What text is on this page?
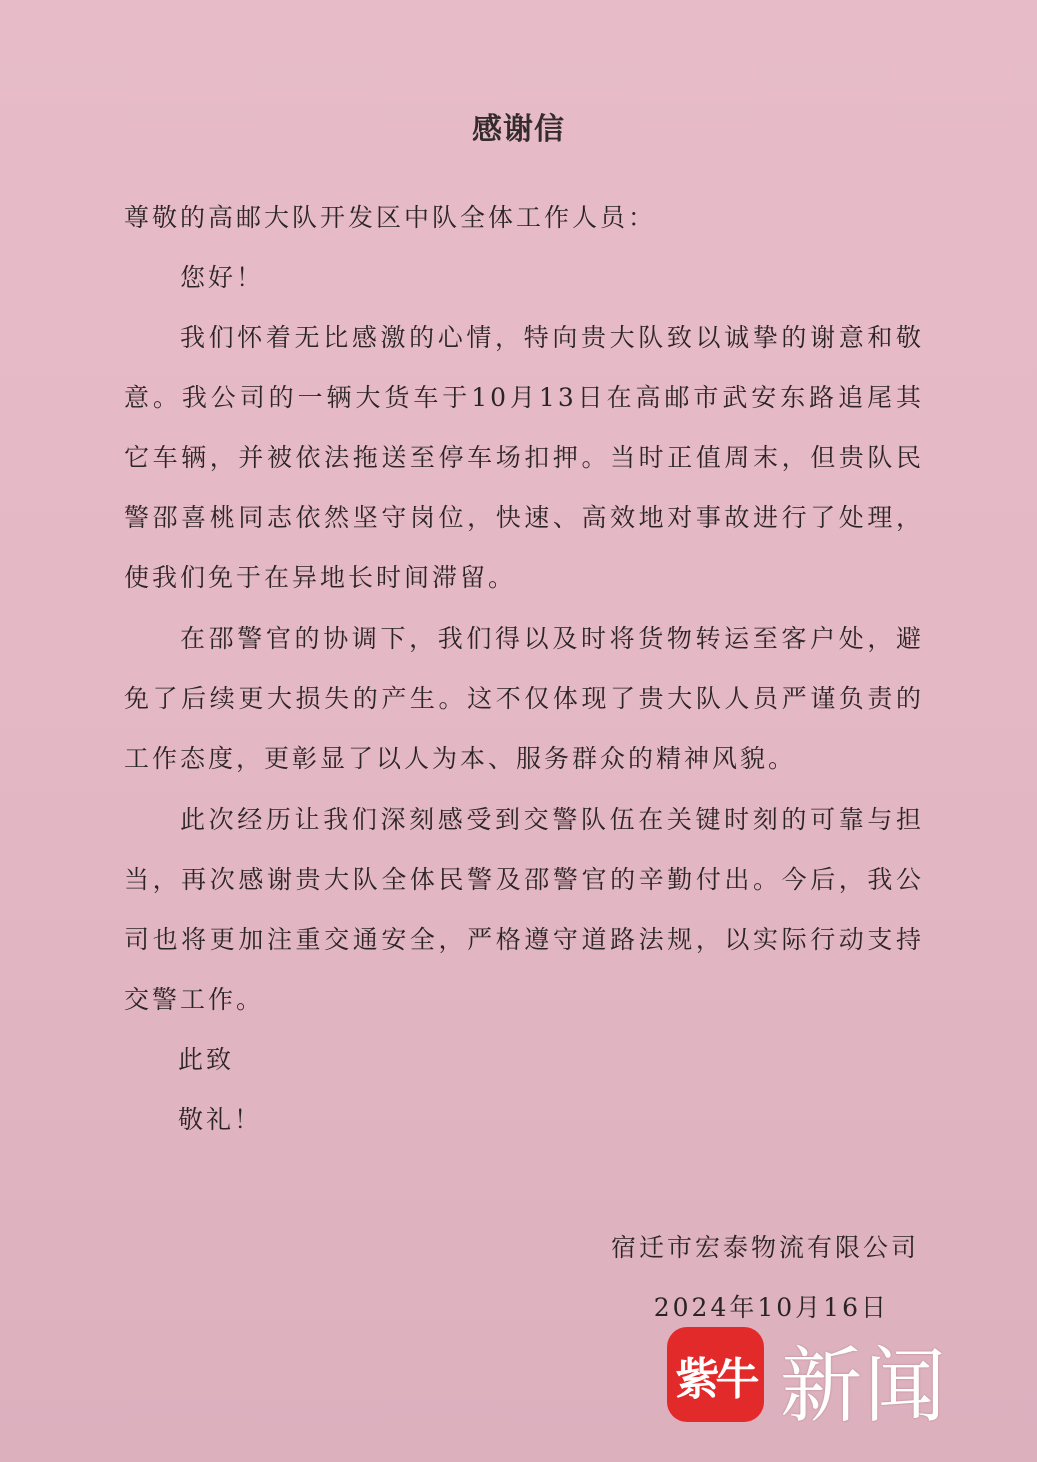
感谢信
尊敬的高邮大队开发区中队全体工作人员：

您好！

我们怀着无比感激的心情，特向贵大队致以诚挚的谢意和敬意。我公司的一辆大货车于10月13日在高邮市武安东路追尾其它车辆，并被依法拖送至停车场扣押。当时正值周末，但贵队民警邵喜桃同志依然坚守岗位，快速、高效地对事故进行了处理，使我们免于在异地长时间滞留。

在邵警官的协调下，我们得以及时将货物转运至客户处，避免了后续更大损失的产生。这不仅体现了贵大队人员严谨负责的工作态度，更彰显了以人为本、服务群众的精神风貌。

此次经历让我们深刻感受到交警队伍在关键时刻的可靠与担当，再次感谢贵大队全体民警及邵警官的辛勤付出。今后，我公司也将更加注重交通安全，严格遵守道路法规，以实际行动支持交警工作。

此致
敬礼！
宿迁市宏泰物流有限公司
2024年10月16日
紫牛 新闻
